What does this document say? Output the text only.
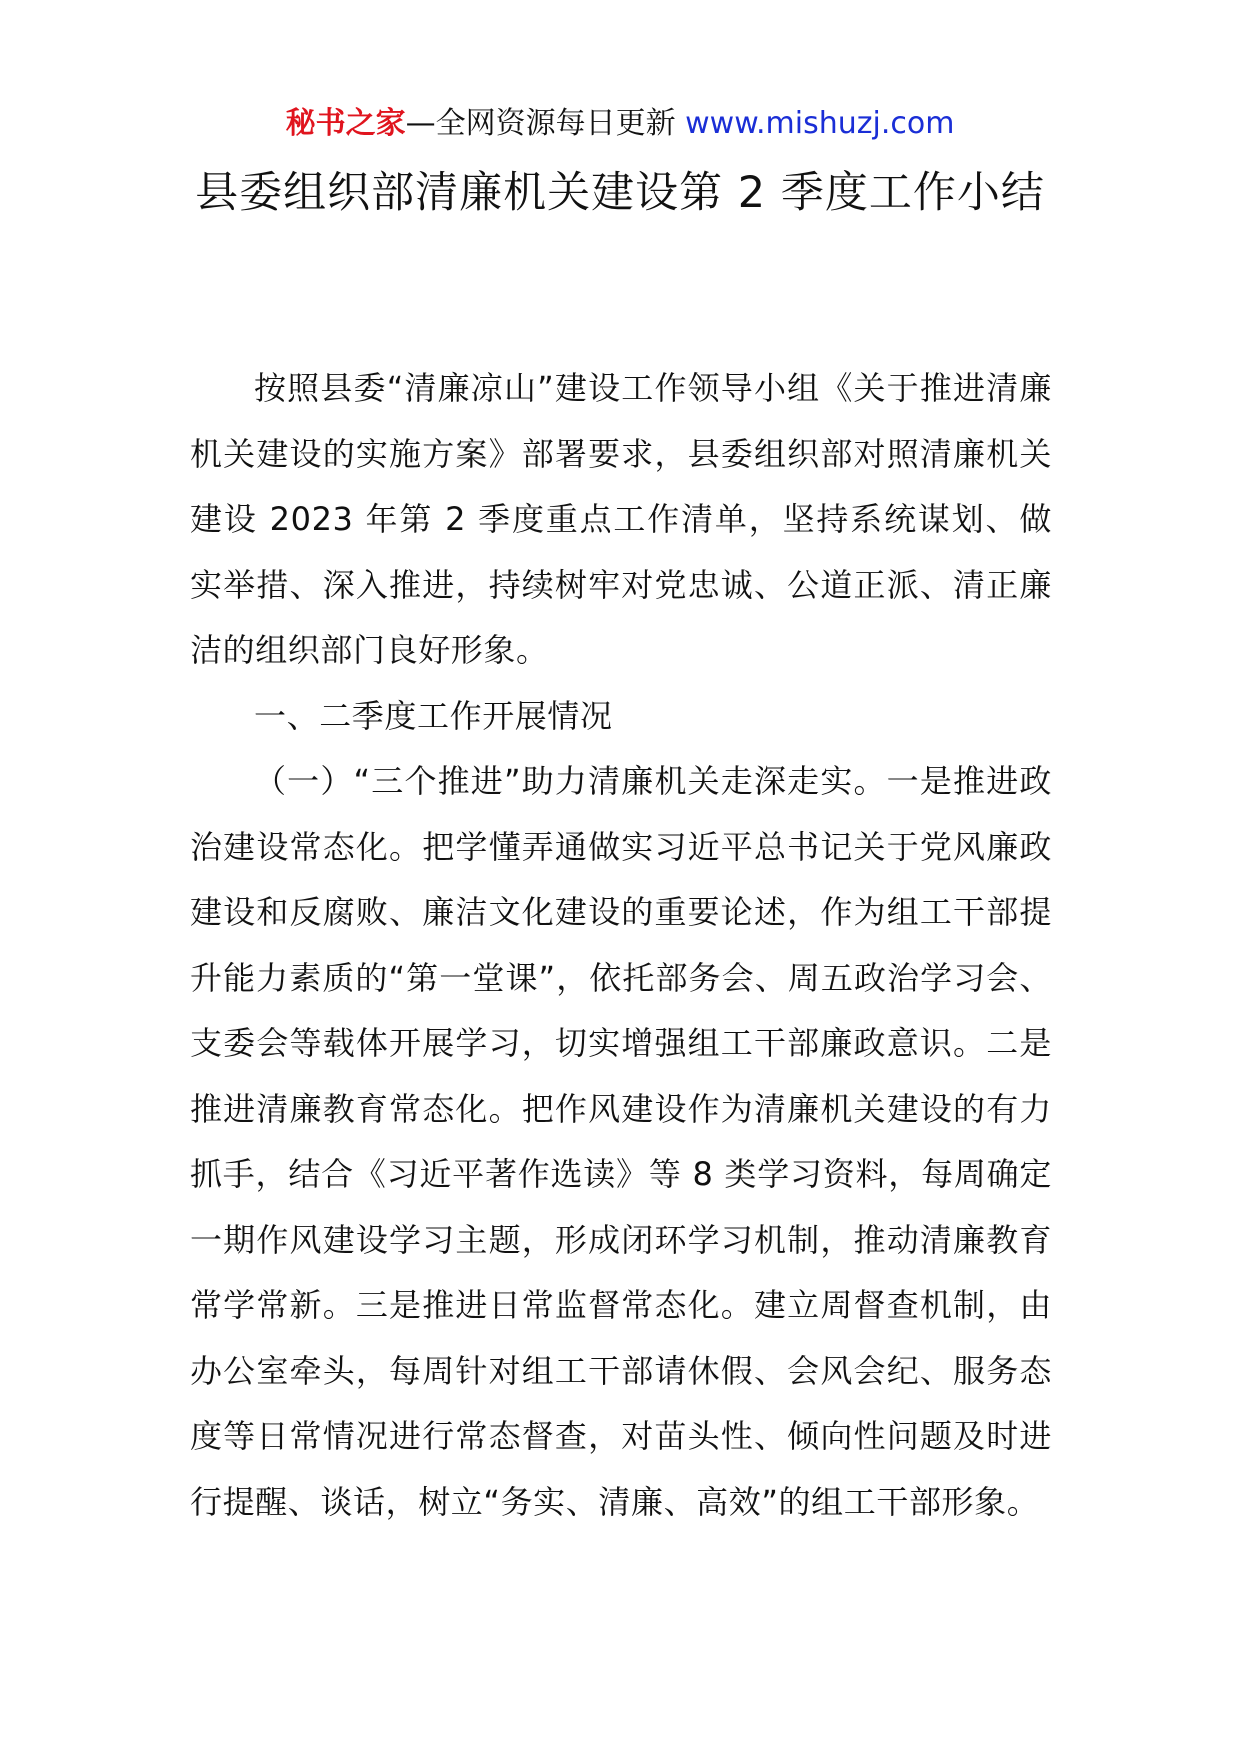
秘书之家—全网资源每日更新 www.mishuzj.com
县委组织部清廉机关建设第 2 季度工作小结

按照县委“清廉凉山”建设工作领导小组《关于推进清廉机关建设的实施方案》部署要求，县委组织部对照清廉机关建设 2023 年第 2 季度重点工作清单，坚持系统谋划、做实举措、深入推进，持续树牢对党忠诚、公道正派、清正廉洁的组织部门良好形象。

一、二季度工作开展情况

（一）“三个推进”助力清廉机关走深走实。一是推进政治建设常态化。把学懂弄通做实习近平总书记关于党风廉政建设和反腐败、廉洁文化建设的重要论述，作为组工干部提升能力素质的“第一堂课”，依托部务会、周五政治学习会、支委会等载体开展学习，切实增强组工干部廉政意识。二是推进清廉教育常态化。把作风建设作为清廉机关建设的有力抓手，结合《习近平著作选读》等 8 类学习资料，每周确定一期作风建设学习主题，形成闭环学习机制，推动清廉教育常学常新。三是推进日常监督常态化。建立周督查机制，由办公室牵头，每周针对组工干部请休假、会风会纪、服务态度等日常情况进行常态督查，对苗头性、倾向性问题及时进行提醒、谈话，树立“务实、清廉、高效”的组工干部形象。
